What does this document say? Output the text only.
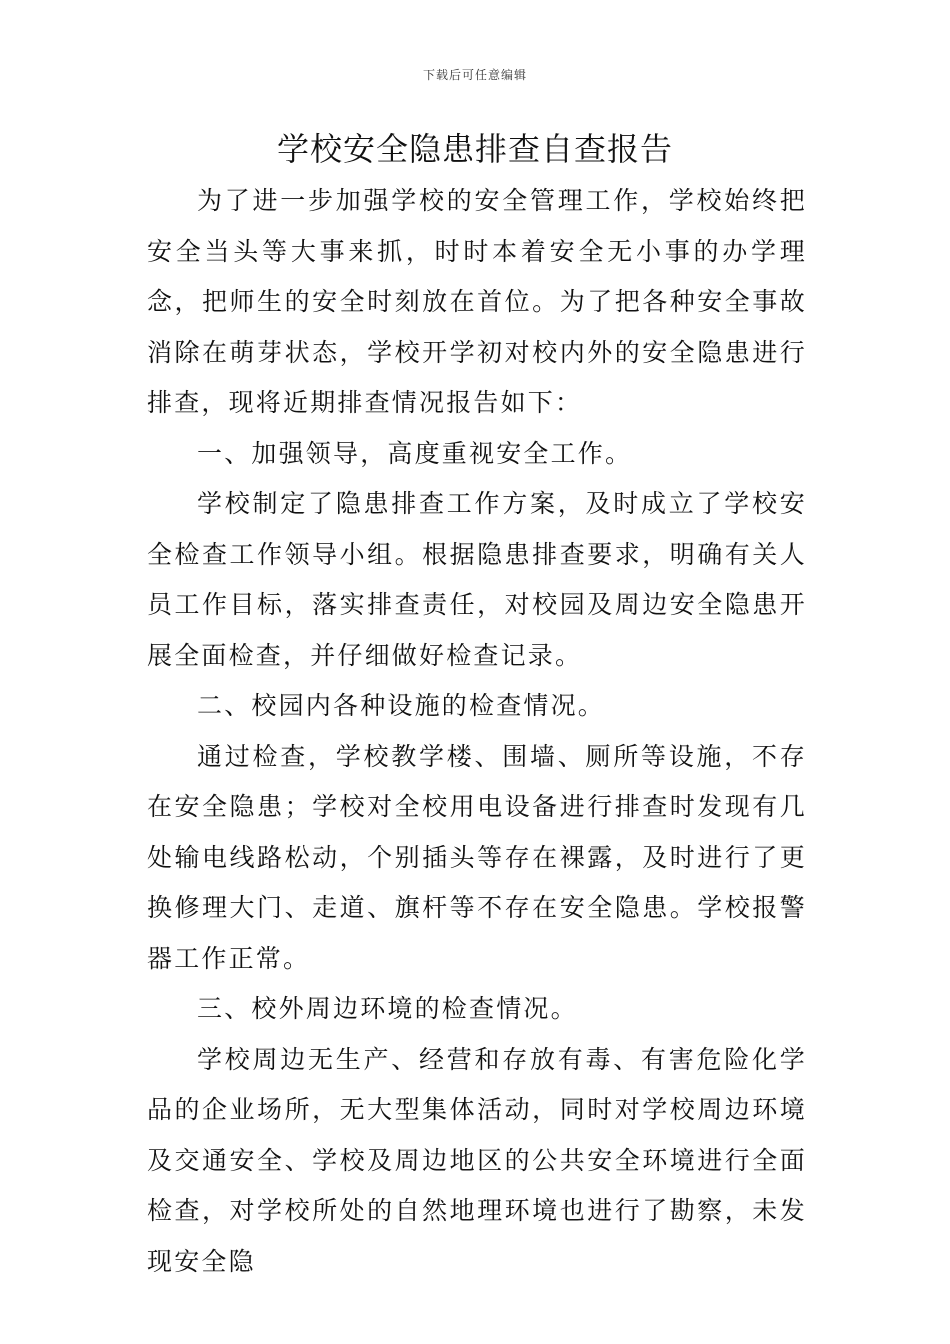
下载后可任意编辑
学校安全隐患排查自查报告

为了进一步加强学校的安全管理工作，学校始终把安全当头等大事来抓，时时本着安全无小事的办学理念，把师生的安全时刻放在首位。为了把各种安全事故消除在萌芽状态，学校开学初对校内外的安全隐患进行排查，现将近期排查情况报告如下：

一、加强领导，高度重视安全工作。

学校制定了隐患排查工作方案，及时成立了学校安全检查工作领导小组。根据隐患排查要求，明确有关人员工作目标，落实排查责任，对校园及周边安全隐患开展全面检查，并仔细做好检查记录。

二、校园内各种设施的检查情况。

通过检查，学校教学楼、围墙、厕所等设施，不存在安全隐患；学校对全校用电设备进行排查时发现有几处输电线路松动，个别插头等存在裸露，及时进行了更换修理大门、走道、旗杆等不存在安全隐患。学校报警器工作正常。

三、校外周边环境的检查情况。

学校周边无生产、经营和存放有毒、有害危险化学品的企业场所，无大型集体活动，同时对学校周边环境及交通安全、学校及周边地区的公共安全环境进行全面检查，对学校所处的自然地理环境也进行了勘察，未发现安全隐
